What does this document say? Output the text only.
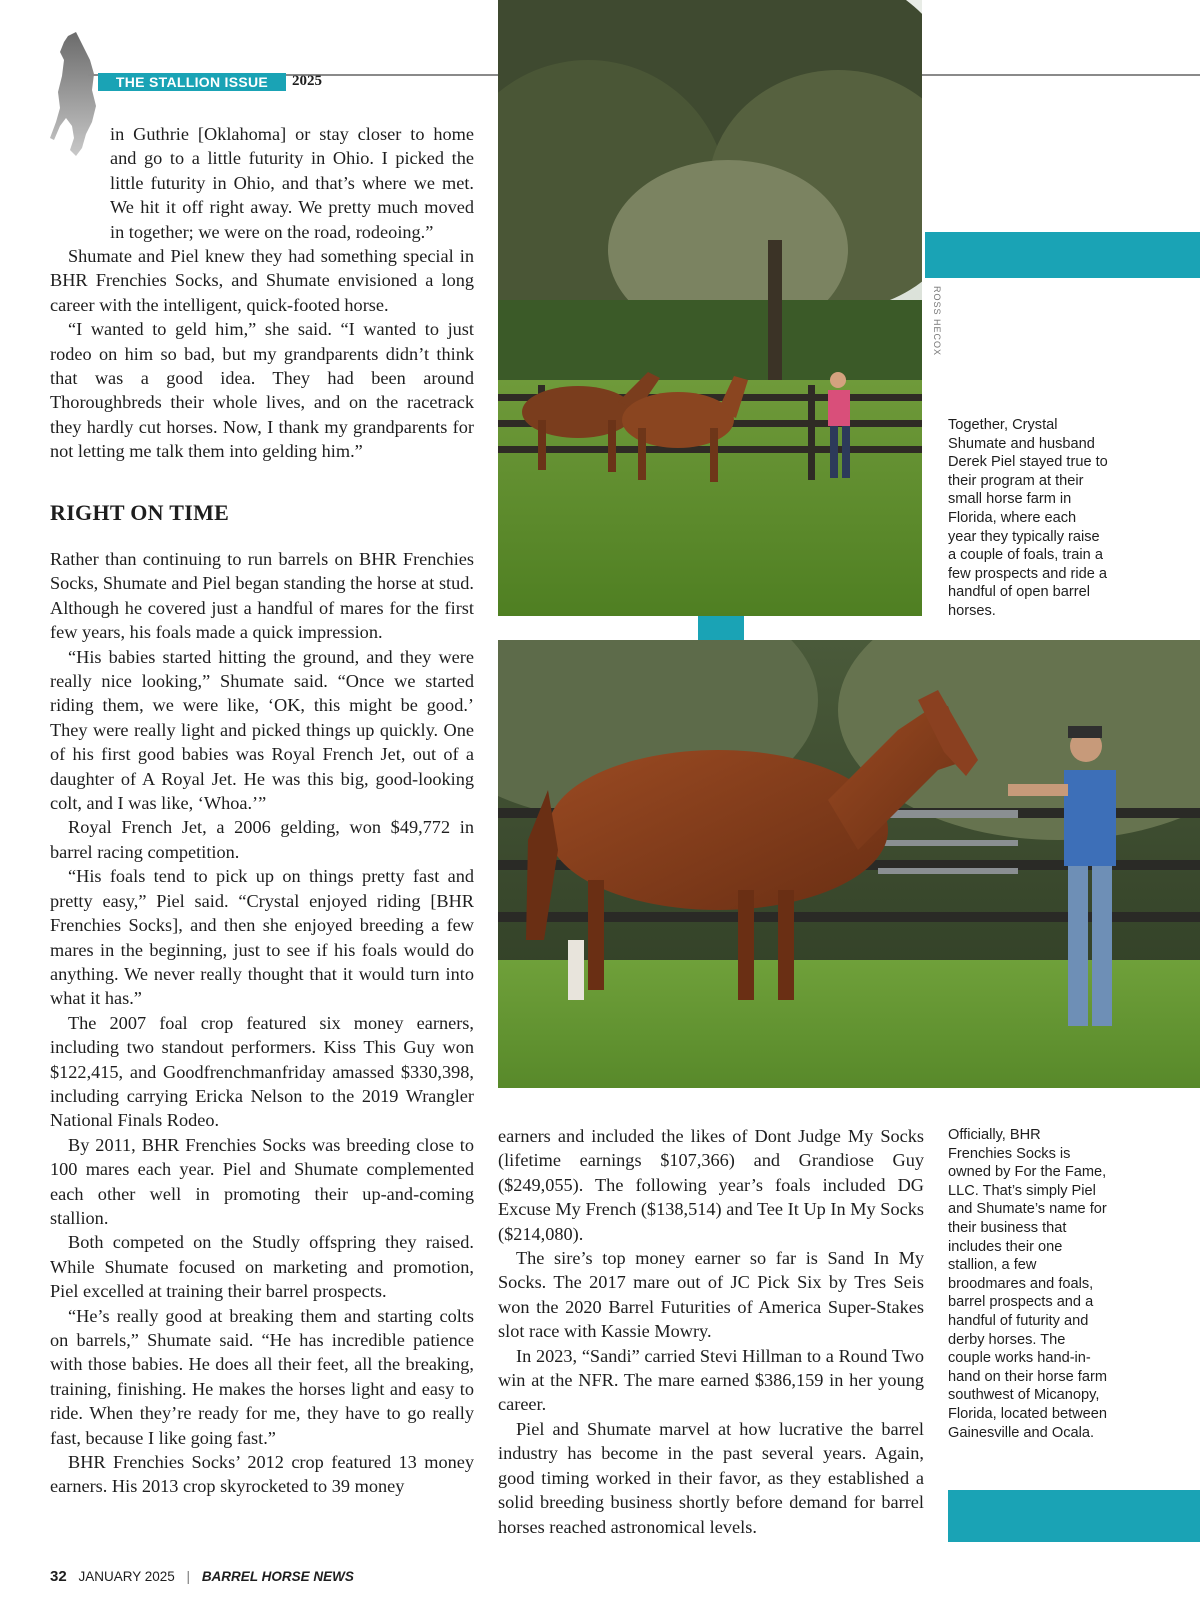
THE STALLION ISSUE	2025

in Guthrie [Oklahoma] or stay closer to home and go to a little futurity in Ohio. I picked the little futurity in Ohio, and that’s where we met. We hit it off right away. We pretty much moved in together; we were on the road, rodeoing.”

Shumate and Piel knew they had something special in BHR Frenchies Socks, and Shumate envisioned a long career with the intelligent, quick-footed horse.

“I wanted to geld him,” she said. “I wanted to just rodeo on him so bad, but my grandparents didn’t think that was a good idea. They had been around Thoroughbreds their whole lives, and on the racetrack they hardly cut horses. Now, I thank my grandparents for not letting me talk them into gelding him.”

RIGHT ON TIME

Rather than continuing to run barrels on BHR Frenchies Socks, Shumate and Piel began standing the horse at stud. Although he covered just a handful of mares for the first few years, his foals made a quick impression.

“His babies started hitting the ground, and they were really nice looking,” Shumate said. “Once we started riding them, we were like, ‘OK, this might be good.’ They were really light and picked things up quickly. One of his first good babies was Royal French Jet, out of a daughter of A Royal Jet. He was this big, good-looking colt, and I was like, ‘Whoa.’”

Royal French Jet, a 2006 gelding, won $49,772 in barrel racing competition.

“His foals tend to pick up on things pretty fast and pretty easy,” Piel said. “Crystal enjoyed riding [BHR Frenchies Socks], and then she enjoyed breeding a few mares in the beginning, just to see if his foals would do anything. We never really thought that it would turn into what it has.”

The 2007 foal crop featured six money earners, including two standout performers. Kiss This Guy won $122,415, and Goodfrenchmanfriday amassed $330,398, including carrying Ericka Nelson to the 2019 Wrangler National Finals Rodeo.

By 2011, BHR Frenchies Socks was breeding close to 100 mares each year. Piel and Shumate complemented each other well in promoting their up-and-coming stallion.

Both competed on the Studly offspring they raised. While Shumate focused on marketing and promotion, Piel excelled at training their barrel prospects.

“He’s really good at breaking them and starting colts on barrels,” Shumate said. “He has incredible patience with those babies. He does all their feet, all the breaking, training, finishing. He makes the horses light and easy to ride. When they’re ready for me, they have to go really fast, because I like going fast.”

BHR Frenchies Socks’ 2012 crop featured 13 money earners. His 2013 crop skyrocketed to 39 money

ROSS HECOX
Together, Crystal Shumate and husband Derek Piel stayed true to their program at their small horse farm in Florida, where each year they typically raise a couple of foals, train a few prospects and ride a handful of open barrel horses.

earners and included the likes of Dont Judge My Socks (lifetime earnings $107,366) and Grandiose Guy ($249,055). The following year’s foals included DG Excuse My French ($138,514) and Tee It Up In My Socks ($214,080).

The sire’s top money earner so far is Sand In My Socks. The 2017 mare out of JC Pick Six by Tres Seis won the 2020 Barrel Futurities of America Super-Stakes slot race with Kassie Mowry.

In 2023, “Sandi” carried Stevi Hillman to a Round Two win at the NFR. The mare earned $386,159 in her young career.

Piel and Shumate marvel at how lucrative the barrel industry has become in the past several years. Again, good timing worked in their favor, as they established a solid breeding business shortly before demand for barrel horses reached astronomical levels.

Officially, BHR Frenchies Socks is owned by For the Fame, LLC. That’s simply Piel and Shumate’s name for their business that includes their one stallion, a few broodmares and foals, barrel prospects and a handful of futurity and derby horses. The couple works hand-in-hand on their horse farm southwest of Micanopy, Florida, located between Gainesville and Ocala.
32 JANUARY 2025 | BARREL HORSE NEWS
